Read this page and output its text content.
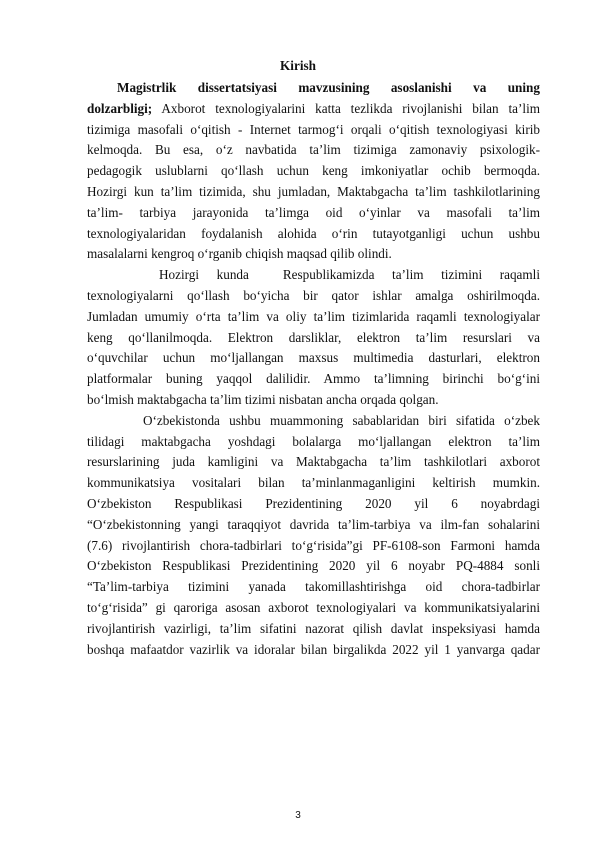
Kirish
Magistrlik dissertatsiyasi mavzusining asoslanishi va uning
dolzarbligi; Axborot texnologiyalarini katta tezlikda rivojlanishi bilan ta’lim
tizimiga masofali o‘qitish - Internet tarmog‘i orqali o‘qitish texnologiyasi kirib
kelmoqda. Bu esa, o‘z navbatida ta’lim tizimiga zamonaviy psixologik-
pedagogik uslublarni qo‘llash uchun keng imkoniyatlar ochib bermoqda.
Hozirgi kun ta’lim tizimida, shu jumladan, Maktabgacha ta’lim tashkilotlarining
ta’lim- tarbiya jarayonida ta’limga oid o‘yinlar va masofali ta’lim
texnologiyalaridan foydalanish alohida o‘rin tutayotganligi uchun ushbu
masalalarni kengroq o‘rganib chiqish maqsad qilib olindi.
Hozirgi kunda	Respublikamizda ta’lim tizimini raqamli
texnologiyalarni qo‘llash bo‘yicha bir qator ishlar amalga oshirilmoqda.
Jumladan umumiy o‘rta ta’lim va oliy ta’lim tizimlarida raqamli texnologiyalar
keng qo‘llanilmoqda. Elektron darsliklar, elektron ta’lim resurslari va
o‘quvchilar uchun mo‘ljallangan maxsus multimedia dasturlari, elektron
platformalar buning yaqqol dalilidir. Ammo ta’limning birinchi bo‘g‘ini
bo‘lmish maktabgacha ta’lim tizimi nisbatan ancha orqada qolgan.
O‘zbekistonda ushbu muammoning sabablaridan biri sifatida o‘zbek
tilidagi maktabgacha yoshdagi bolalarga mo‘ljallangan elektron ta’lim
resurslarining juda kamligini va Maktabgacha ta’lim tashkilotlari axborot
kommunikatsiya vositalari bilan ta’minlanmaganligini keltirish mumkin.
O‘zbekiston Respublikasi Prezidentining 2020 yil 6 noyabrdagi
“O‘zbekistonning yangi taraqqiyot davrida ta’lim-tarbiya va ilm-fan sohalarini
(7.6) rivojlantirish chora-tadbirlari to‘g‘risida”gi PF-6108-son Farmoni hamda
O‘zbekiston Respublikasi Prezidentining 2020 yil 6 noyabr PQ-4884 sonli
“Ta’lim-tarbiya tizimini yanada takomillashtirishga oid chora-tadbirlar
to‘g‘risida” gi qaroriga asosan axborot texnologiyalari va kommunikatsiyalarini
rivojlantirish vazirligi, ta’lim sifatini nazorat qilish davlat inspeksiyasi hamda
boshqa mafaatdor vazirlik va idoralar bilan birgalikda 2022 yil 1 yanvarga qadar
3
